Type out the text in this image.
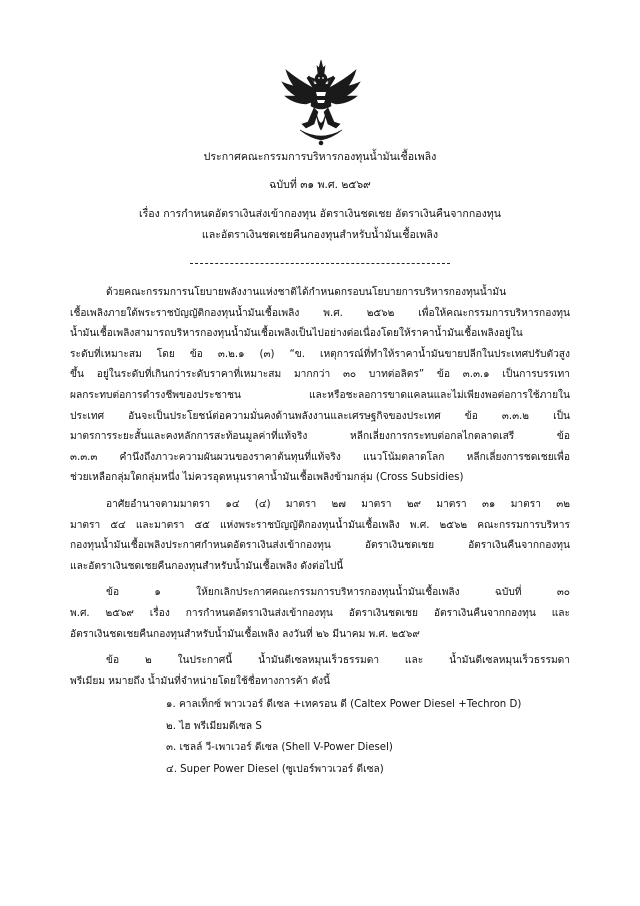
ประกาศคณะกรรมการบริหารกองทุนน้ำมันเชื้อเพลิง
ฉบับที่ ๓๑ พ.ศ. ๒๕๖๙
เรื่อง การกำหนดอัตราเงินส่งเข้ากองทุน อัตราเงินชดเชย อัตราเงินคืนจากกองทุน
และอัตราเงินชดเชยคืนกองทุนสำหรับน้ำมันเชื้อเพลิง
ด้วยคณะกรรมการนโยบายพลังงานแห่งชาติได้กำหนดกรอบนโยบายการบริหารกองทุนน้ำมัน
เชื้อเพลิงภายใต้พระราชบัญญัติกองทุนน้ำมันเชื้อเพลิง พ.ศ. ๒๕๖๒ เพื่อให้คณะกรรมการบริหารกองทุน
น้ำมันเชื้อเพลิงสามารถบริหารกองทุนน้ำมันเชื้อเพลิงเป็นไปอย่างต่อเนื่องโดยให้ราคาน้ำมันเชื้อเพลิงอยู่ใน
ระดับที่เหมาะสม โดย ข้อ ๓.๒.๑ (๓) “ข. เหตุการณ์ที่ทำให้ราคาน้ำมันขายปลีกในประเทศปรับตัวสูง
ขึ้น อยู่ในระดับที่เกินกว่าระดับราคาที่เหมาะสม มากกว่า ๓๐ บาทต่อลิตร” ข้อ ๓.๓.๑ เป็นการบรรเทา
ผลกระทบต่อการดำรงชีพของประชาชน และหรือชะลอการขาดแคลนและไม่เพียงพอต่อการใช้ภายใน
ประเทศ อันจะเป็นประโยชน์ต่อความมั่นคงด้านพลังงานและเศรษฐกิจของประเทศ ข้อ ๓.๓.๒ เป็น
มาตรการระยะสั้นและคงหลักการสะท้อนมูลค่าที่แท้จริง หลีกเลี่ยงการกระทบต่อกลไกตลาดเสรี ข้อ
๓.๓.๓ คำนึงถึงภาวะความผันผวนของราคาต้นทุนที่แท้จริง แนวโน้มตลาดโลก หลีกเลี่ยงการชดเชยเพื่อ
ช่วยเหลือกลุ่มใดกลุ่มหนึ่ง ไม่ควรอุดหนุนราคาน้ำมันเชื้อเพลิงข้ามกลุ่ม (Cross Subsidies)
อาศัยอำนาจตามมาตรา ๑๔ (๔) มาตรา ๒๗ มาตรา ๒๙ มาตรา ๓๑ มาตรา ๓๒
มาตรา ๕๔ และมาตรา ๕๕ แห่งพระราชบัญญัติกองทุนน้ำมันเชื้อเพลิง พ.ศ. ๒๕๖๒ คณะกรรมการบริหาร
กองทุนน้ำมันเชื้อเพลิงประกาศกำหนดอัตราเงินส่งเข้ากองทุน อัตราเงินชดเชย อัตราเงินคืนจากกองทุน
และอัตราเงินชดเชยคืนกองทุนสำหรับน้ำมันเชื้อเพลิง ดังต่อไปนี้
ข้อ ๑ ให้ยกเลิกประกาศคณะกรรมการบริหารกองทุนน้ำมันเชื้อเพลิง ฉบับที่ ๓๐
พ.ศ. ๒๕๖๙ เรื่อง การกำหนดอัตราเงินส่งเข้ากองทุน อัตราเงินชดเชย อัตราเงินคืนจากกองทุน และ
อัตราเงินชดเชยคืนกองทุนสำหรับน้ำมันเชื้อเพลิง ลงวันที่ ๒๖ มีนาคม พ.ศ. ๒๕๖๙
ข้อ ๒ ในประกาศนี้ น้ำมันดีเซลหมุนเร็วธรรมดา และ น้ำมันดีเซลหมุนเร็วธรรมดา
พรีเมียม หมายถึง น้ำมันที่จำหน่ายโดยใช้ชื่อทางการค้า ดังนี้
๑. คาลเท็กซ์ พาวเวอร์ ดีเซล +เทครอน ดี (Caltex Power Diesel +Techron D)
๒. ไฮ พรีเมียมดีเซล S
๓. เชลล์ วี-เพาเวอร์ ดีเซล (Shell V-Power Diesel)
๔. Super Power Diesel (ซูเปอร์พาวเวอร์ ดีเซล)
